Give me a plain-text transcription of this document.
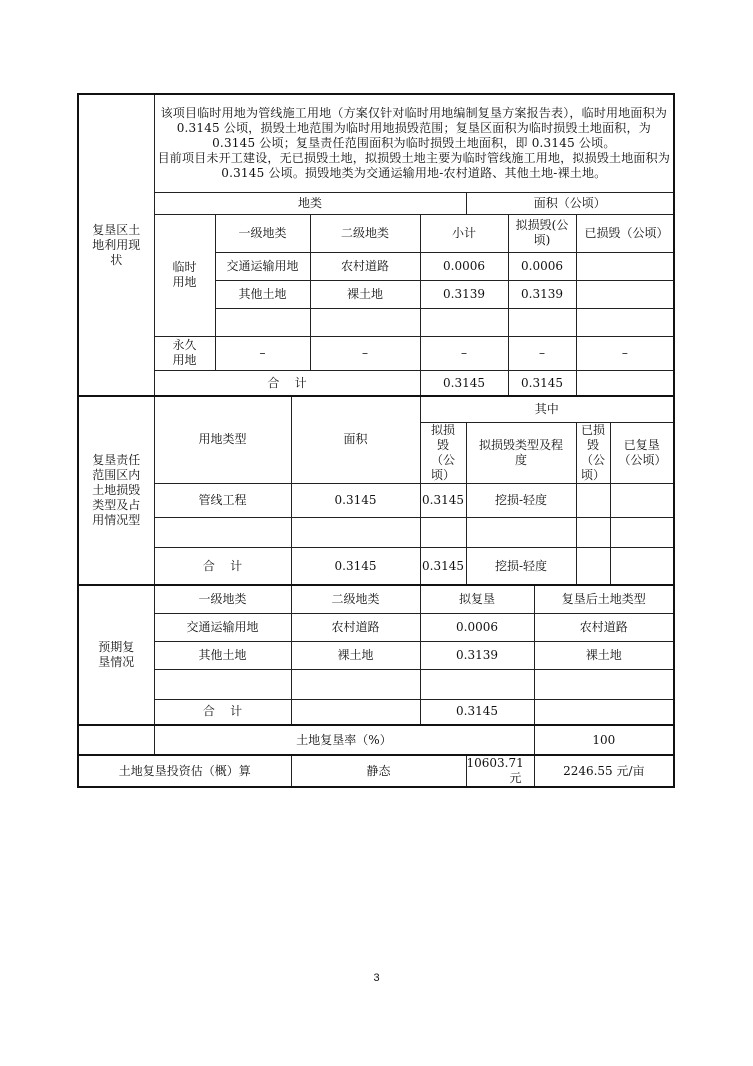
复垦区土地利用现状	该项目临时用地为管线施工用地（方案仅针对临时用地编制复垦方案报告表），临时用地面积为 0.3145 公顷，损毁土地范围为临时用地损毁范围；复垦区面积为临时损毁土地面积，为 0.3145 公顷；复垦责任范围面积为临时损毁土地面积，即 0.3145 公顷。
目前项目未开工建设，无已损毁土地，拟损毁土地主要为临时管线施工用地，拟损毁土地面积为 0.3145 公顷。损毁地类为交通运输用地-农村道路、其他土地-裸土地。									

	地类					面积（公顷）				
	临时用地	一级地类		二级地类	小计		拟损毁(公顷)		已损毁（公顷）	
		交通运输用地		农村道路	0.0006		0.0006			
		其他土地		裸土地	0.3139		0.3139			

	永久用地	–		–	–		–		–	
	合    计				0.3145		0.3145			

复垦责任范围区内土地损毁类型及占用情况型	用地类型		面积		其中					
					拟损毁（公顷）	拟损毁类型及程度			已损毁（公顷）	已复垦（公顷）
	管线工程		0.3145		0.3145	挖损-轻度				

	合    计		0.3145		0.3145	挖损-轻度				

预期复垦情况	一级地类		二级地类		拟复垦			复垦后土地类型		
	交通运输用地		农村道路		0.0006			农村道路		
	其他土地		裸土地		0.3139			裸土地		

	合    计				0.3145					
	土地复垦率（%）							100		
土地复垦投资估（概）算			静态			10603.71 元		2246.55 元/亩		
3
